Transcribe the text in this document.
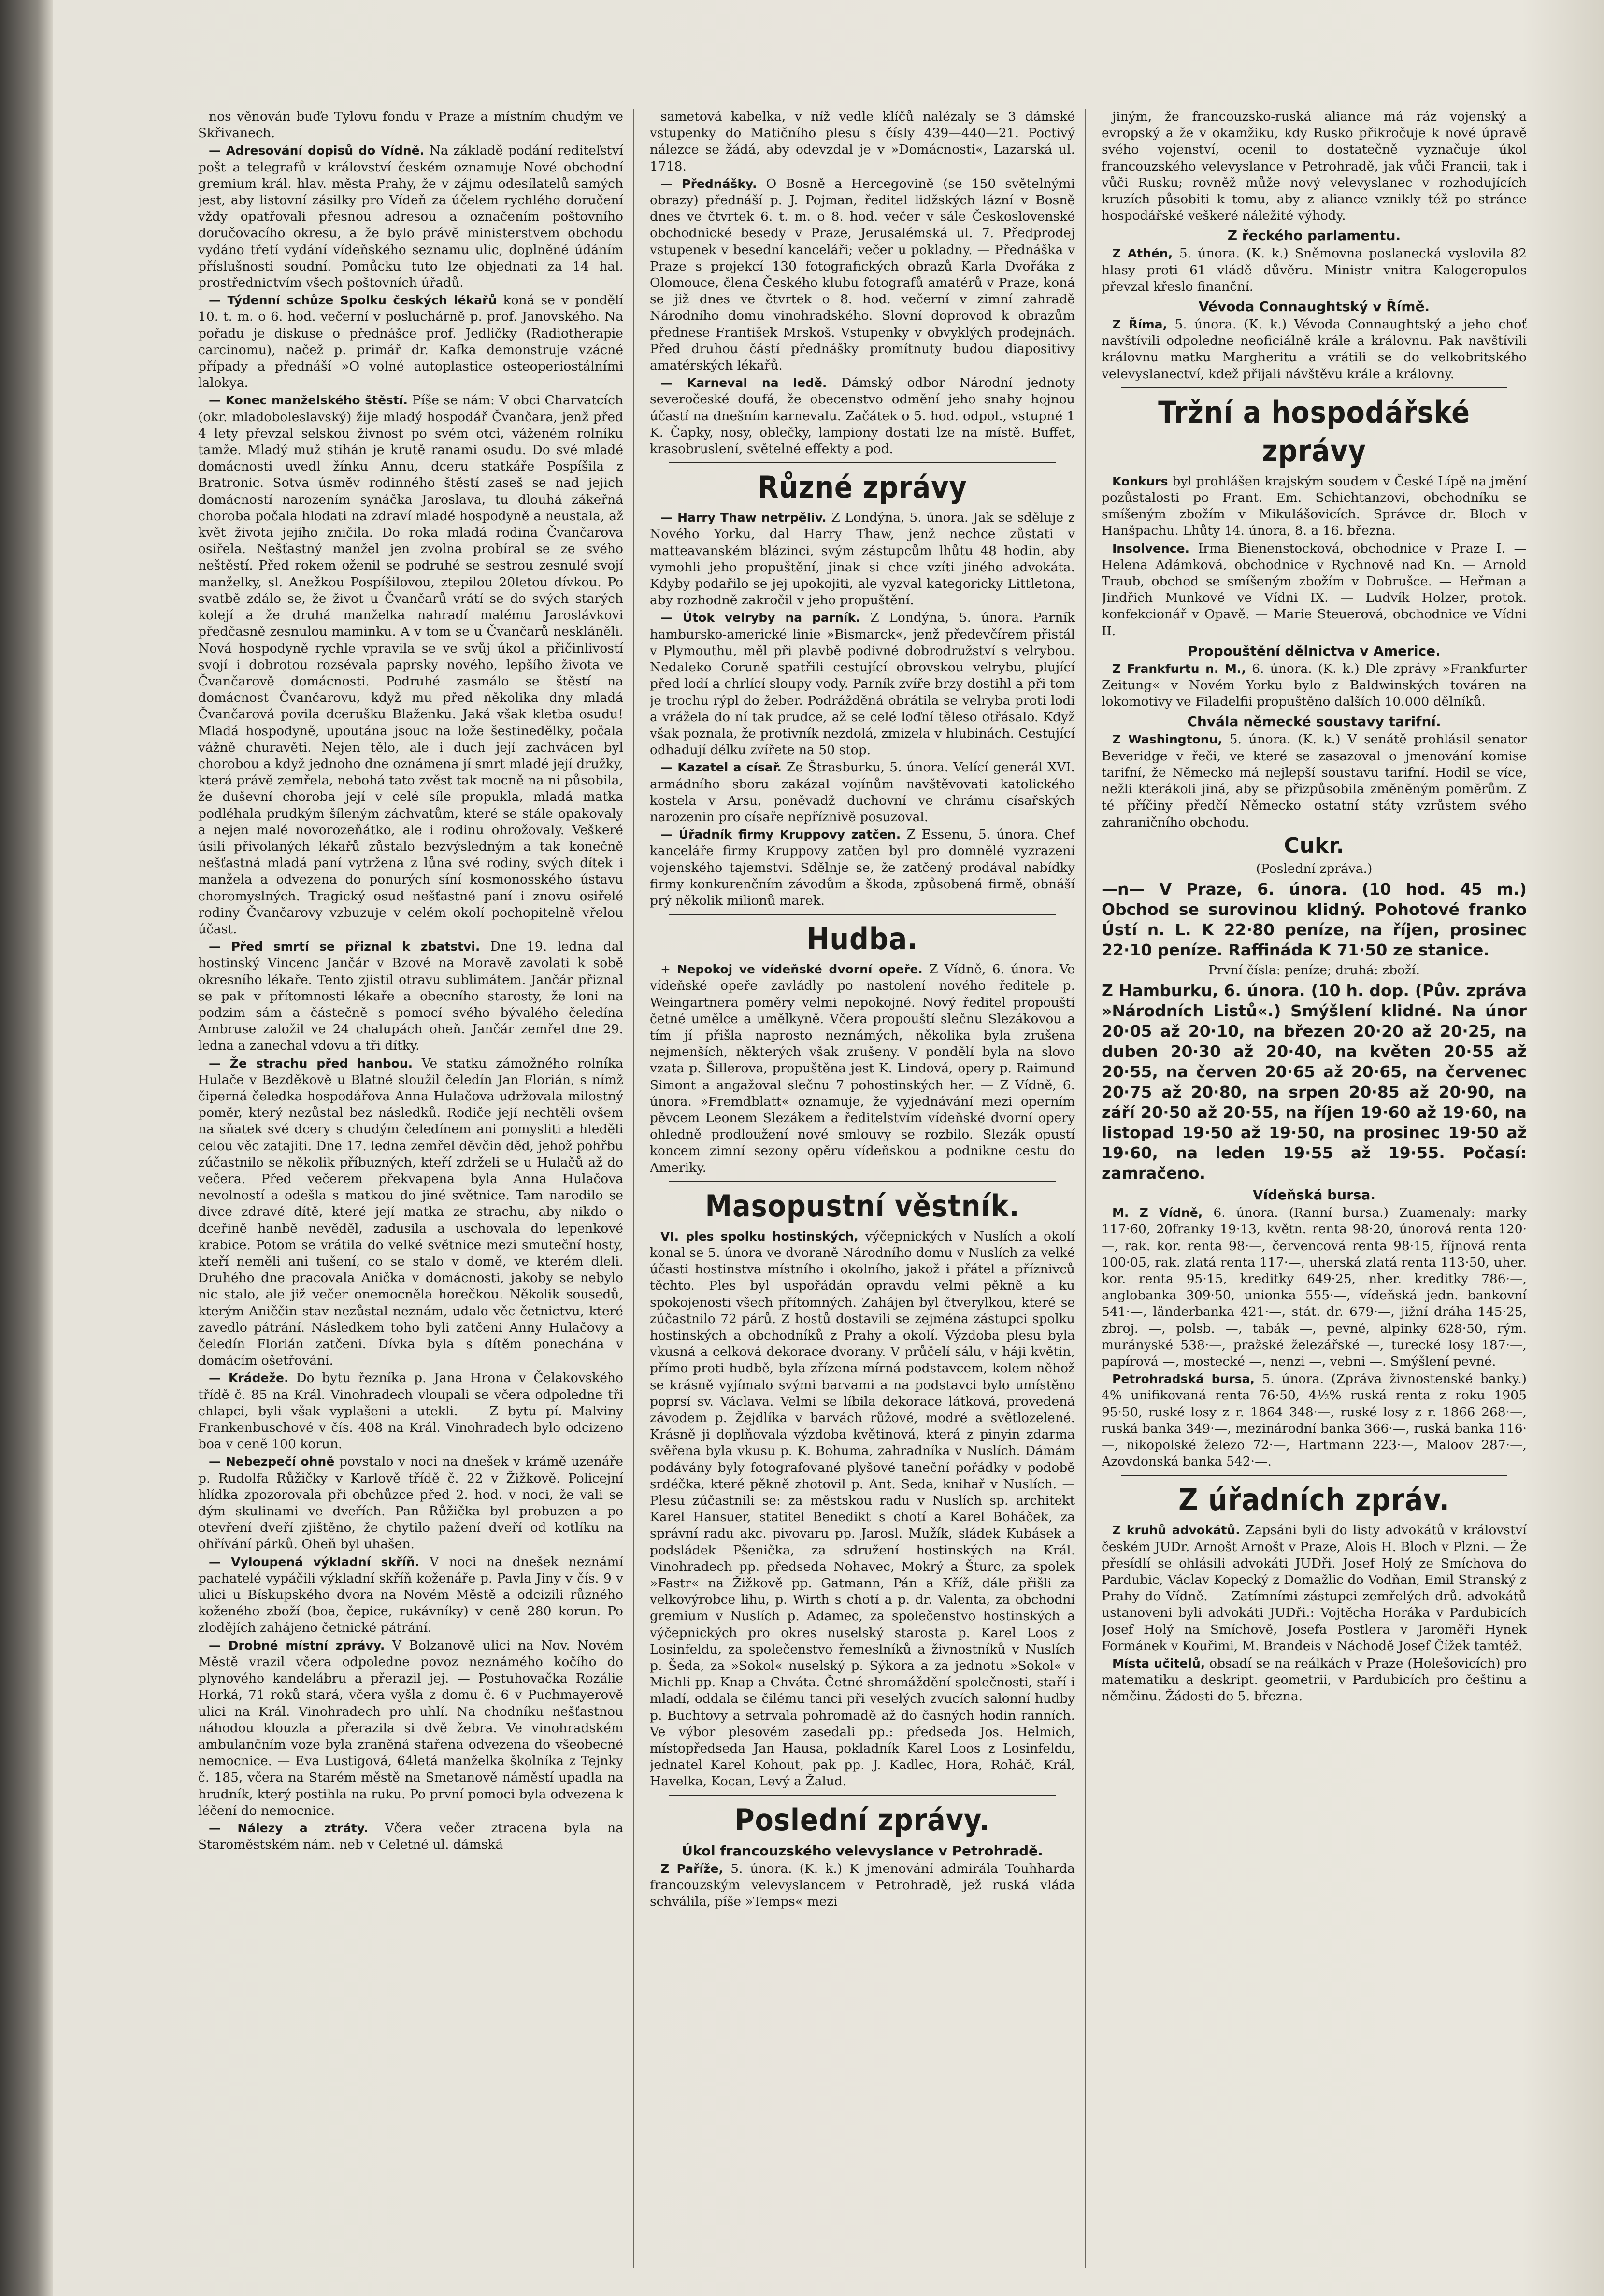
nos věnován buďe Tylovu fondu v Praze a místním chudým ve Skřivanech.

— Adresování dopisů do Vídně. Na základě podání rediteľství pošt a telegrafů v království českém oznamuje Nové obchodní gremium král. hlav. města Prahy, že v zájmu odesílatelů samých jest, aby listovní zásilky pro Vídeň za účelem rychlého doručení vždy opatřovali přesnou adresou a označením poštovního doručovacího okresu, a že bylo právě ministerstvem obchodu vydáno třetí vydání vídeňského seznamu ulic, doplněné údáním příslušnosti soudní. Pomůcku tuto lze objednati za 14 hal. prostřednictvím všech poštovních úřadů.

— Týdenní schůze Spolku českých lékařů koná se v pondělí 10. t. m. o 6. hod. večerní v posluchárně p. prof. Janovského. Na pořadu je diskuse o přednášce prof. Jedličky (Radiotherapie carcinomu), načež p. primář dr. Kafka demonstruje vzácné případy a přednáší »O volné autoplastice osteoperiostálními lalokya.

— Konec manželského štěstí. Píše se nám: V obci Charvatcích (okr. mladoboleslavský) žije mladý hospodář Čvančara, jenž před 4 lety převzal selskou živnost po svém otci, váženém rolníku tamže. Mladý muž stihán je krutě ranami osudu. Do své mladé domácnosti uvedl žínku Annu, dceru statkáře Pospíšila z Bratronic. Sotva úsměv rodinného štěstí zaseš se nad jejich domácností narozením synáčka Jaroslava, tu dlouhá zákeřná choroba počala hlodati na zdraví mladé hospodyně a neustala, až květ života jejího zničila. Do roka mladá rodina Čvančarova osiřela. Nešťastný manžel jen zvolna probíral se ze svého neštěstí. Před rokem oženil se podruhé se sestrou zesnulé svojí manželky, sl. Anežkou Pospíšilovou, ztepilou 20letou dívkou. Po svatbě zdálo se, že život u Čvančarů vrátí se do svých starých kolejí a že druhá manželka nahradí malému Jaroslávkovi předčasně zesnulou maminku. A v tom se u Čvančarů neskláněli. Nová hospodyně rychle vpravila se ve svůj úkol a přičinlivostí svojí i dobrotou rozsévala paprsky nového, lepšího života ve Čvančarově domácnosti. Podruhé zasmálo se štěstí na domácnost Čvančarovu, když mu před několika dny mladá Čvančarová povila dcerušku Blaženku. Jaká však kletba osudu! Mladá hospodyně, upoutána jsouc na lože šestinedělky, počala vážně churavěti. Nejen tělo, ale i duch její zachvácen byl chorobou a když jednoho dne oznámena jí smrt mladé její družky, která právě zemřela, nebohá tato zvěst tak mocně na ni působila, že duševní choroba její v celé síle propukla, mladá matka podléhala prudkým šíleným záchvatům, které se stále opakovaly a nejen malé novorozeňátko, ale i rodinu ohrožovaly. Veškeré úsilí přivolaných lékařů zůstalo bezvýsledným a tak konečně nešťastná mladá paní vytržena z lůna své rodiny, svých dítek i manžela a odvezena do ponurých síní kosmonosského ústavu choromyslných. Tragický osud nešťastné paní i znovu osiřelé rodiny Čvančarovy vzbuzuje v celém okolí pochopitelně vřelou účast.

— Před smrtí se přiznal k zbatstvi. Dne 19. ledna dal hostinský Vincenc Jančár v Bzové na Moravě zavolati k sobě okresního lékaře. Tento zjistil otravu sublimátem. Jančár přiznal se pak v přítomnosti lékaře a obecního starosty, že loni na podzim sám a částečně s pomocí svého bývalého čeledína Ambruse založil ve 24 chalupách oheň. Jančár zemřel dne 29. ledna a zanechal vdovu a tři dítky.

— Že strachu před hanbou. Ve statku zámožného rolníka Hulače v Bezděkově u Blatné sloužil čeledín Jan Florián, s nímž čiperná čeledka hospodářova Anna Hulačova udržovala milostný poměr, který nezůstal bez následků. Rodiče její nechtěli ovšem na sňatek své dcery s chudým čeledínem ani pomysliti a hleděli celou věc zatajiti. Dne 17. ledna zemřel děvčin děd, jehož pohřbu zúčastnilo se několik příbuzných, kteří zdrželi se u Hulačů až do večera. Před večerem překvapena byla Anna Hulačova nevolností a odešla s matkou do jiné světnice. Tam narodilo se divce zdravé dítě, které její matka ze strachu, aby nikdo o dceřině hanbě nevěděl, zadusila a uschovala do lepenkové krabice. Potom se vrátila do velké světnice mezi smuteční hosty, kteří neměli ani tušení, co se stalo v domě, ve kterém dleli. Druhého dne pracovala Anička v domácnosti, jakoby se nebylo nic stalo, ale již večer onemocněla horečkou. Několik sousedů, kterým Aniččin stav nezůstal neznám, udalo věc četnictvu, které zavedlo pátrání. Následkem toho byli zatčeni Anny Hulačovy a čeledín Florián zatčeni. Dívka byla s dítěm ponechána v domácím ošetřování.

— Krádeže. Do bytu řezníka p. Jana Hrona v Čelakovského třídě č. 85 na Král. Vinohradech vloupali se včera odpoledne tři chlapci, byli však vyplašeni a utekli. — Z bytu pí. Malviny Frankenbuschové v čís. 408 na Král. Vinohradech bylo odcizeno boa v ceně 100 korun.

— Nebezpečí ohně povstalo v noci na dnešek v krámě uzenáře p. Rudolfa Růžičky v Karlově třídě č. 22 v Žižkově. Policejní hlídka zpozorovala při obchůzce před 2. hod. v noci, že vali se dým skulinami ve dveřích. Pan Růžička byl probuzen a po otevření dveří zjištěno, že chytilo pažení dveří od kotlíku na ohřívání párků. Oheň byl uhašen.

— Vyloupená výkladní skříň. V noci na dnešek neznámí pachatelé vypáčili výkladní skříň koženáře p. Pavla Jiny v čís. 9 v ulici u Bískupského dvora na Novém Městě a odcizili různého koženého zboží (boa, čepice, rukávníky) v ceně 280 korun. Po zlodějích zahájeno četnické pátrání.

— Drobné místní zprávy. V Bolzanově ulici na Nov. Novém Městě vrazil včera odpoledne povoz neznámého kočího do plynového kandelábru a přerazil jej. — Postuhovačka Rozálie Horká, 71 roků stará, včera vyšla z domu č. 6 v Puchmayerově ulici na Král. Vinohradech pro uhlí. Na chodníku nešťastnou náhodou klouzla a přerazila si dvě žebra. Ve vinohradském ambulančním voze byla zraněná stařena odvezena do všeobecné nemocnice. — Eva Lustigová, 64letá manželka školníka z Tejnky č. 185, včera na Starém městě na Smetanově náměstí upadla na hrudník, který postihla na ruku. Po první pomoci byla odvezena k léčení do nemocnice.

— Nálezy a ztráty. Včera večer ztracena byla na Staroměstském nám. neb v Celetné ul. dámská

sametová kabelka, v níž vedle klíčů nalézaly se 3 dámské vstupenky do Matičního plesu s čísly 439—440—21. Poctivý nálezce se žádá, aby odevzdal je v »Domácnosti«, Lazarská ul. 1718.

— Přednášky. O Bosně a Hercegovině (se 150 světelnými obrazy) přednáší p. J. Pojman, ředitel lidžských lázní v Bosně dnes ve čtvrtek 6. t. m. o 8. hod. večer v sále Československé obchodnické besedy v Praze, Jerusalémská ul. 7. Předprodej vstupenek v besední kanceláři; večer u pokladny. — Přednáška v Praze s projekcí 130 fotografických obrazů Karla Dvořáka z Olomouce, člena Českého klubu fotografů amatérů v Praze, koná se již dnes ve čtvrtek o 8. hod. večerní v zimní zahradě Národního domu vinohradského. Slovní doprovod k obrazům přednese František Mrskoš. Vstupenky v obvyklých prodejnách. Před druhou částí přednášky promítnuty budou diapositivy amatérských lékařů.

— Karneval na ledě. Dámský odbor Národní jednoty severočeské doufá, že obecenstvo odmění jeho snahy hojnou účastí na dnešním karnevalu. Začátek o 5. hod. odpol., vstupné 1 K. Čapky, nosy, oblečky, lampiony dostati lze na místě. Buffet, krasobruslení, světelné effekty a pod.

Různé zprávy

— Harry Thaw netrpěliv. Z Londýna, 5. února. Jak se sděluje z Nového Yorku, dal Harry Thaw, jenž nechce zůstati v matteavanském blázinci, svým zástupcům lhůtu 48 hodin, aby vymohli jeho propuštění, jinak si chce vzíti jiného advokáta. Kdyby podařilo se jej upokojiti, ale vyzval kategoricky Littletona, aby rozhodně zakročil v jeho propuštění.

— Útok velryby na parník. Z Londýna, 5. února. Parník hambursko-americké linie »Bismarck«, jenž předevčírem přistál v Plymouthu, měl při plavbě podivné dobrodružství s velrybou. Nedaleko Coruně spatřili cestující obrovskou velrybu, plující před lodí a chrlící sloupy vody. Parník zvíře brzy dostihl a při tom je trochu rýpl do žeber. Podrážděná obrátila se velryba proti lodi a vrážela do ní tak prudce, až se celé loďní těleso otřásalo. Když však poznala, že protivník nezdolá, zmizela v hlubinách. Cestující odhadují délku zvířete na 50 stop.

— Kazatel a císař. Ze Štrasburku, 5. února. Velící generál XVI. armádního sboru zakázal vojínům navštěvovati katolického kostela v Arsu, poněvadž duchovní ve chrámu císařských narozenin pro císaře nepříznivě posuzoval.

— Úřadník firmy Kruppovy zatčen. Z Essenu, 5. února. Chef kanceláře firmy Kruppovy zatčen byl pro domnělé vyzrazení vojenského tajemství. Sdělnje se, že zatčený prodával nabídky firmy konkurenčním závodům a škoda, způsobená firmě, obnáší prý několik milionů marek.

Hudba.

+ Nepokoj ve vídeňské dvorní opeře. Z Vídně, 6. února. Ve vídeňské opeře zavládly po nastolení nového ředitele p. Weingartnera poměry velmi nepokojné. Nový ředitel propouští četné umělce a umělkyně. Včera propouští slečnu Slezákovou a tím jí přišla naprosto neznámých, několika byla zrušena nejmenších, některých však zrušeny. V pondělí byla na slovo vzata p. Šillerova, propuštěna jest K. Lindová, opery p. Raimund Simont a angažoval slečnu 7 pohostinských her. — Z Vídně, 6. února. »Fremdblatt« oznamuje, že vyjednávání mezi operním pěvcem Leonem Slezákem a ředitelstvím vídeňské dvorní opery ohledně prodloužení nové smlouvy se rozbilo. Slezák opustí koncem zimní sezony opěru vídeňskou a podnikne cestu do Ameriky.

Masopustní věstník.

VI. ples spolku hostinských, výčepnických v Nuslích a okolí konal se 5. února ve dvoraně Národního domu v Nuslích za velké účasti hostinstva místního i okolního, jakož i přátel a příznivců těchto. Ples byl uspořádán opravdu velmi pěkně a ku spokojenosti všech přítomných. Zahájen byl čtverylkou, které se zúčastnilo 72 párů. Z hostů dostavili se zejména zástupci spolku hostinských a obchodníků z Prahy a okolí. Výzdoba plesu byla vkusná a celková dekorace dvorany. V průčelí sálu, v háji květin, přímo proti hudbě, byla zřízena mírná podstavcem, kolem něhož se krásně vyjímalo svými barvami a na podstavci bylo umístěno poprsí sv. Václava. Velmi se líbila dekorace látková, provedená závodem p. Žejdlíka v barvách růžové, modré a světlozelené. Krásně ji doplňovala výzdoba květinová, která z pinyin zdarma svěřena byla vkusu p. K. Bohuma, zahradníka v Nuslích. Dámám podávány byly fotografované plyšové taneční pořádky v podobě srdéčka, které pěkně zhotovil p. Ant. Seda, knihař v Nuslích. — Plesu zúčastnili se: za městskou radu v Nuslích sp. architekt Karel Hansuer, statitel Benedikt s chotí a Karel Boháček, za správní radu akc. pivovaru pp. Jarosl. Mužík, sládek Kubásek a podsládek Pšenička, za sdružení hostinských na Král. Vinohradech pp. předseda Nohavec, Mokrý a Šturc, za spolek »Fastr« na Žižkově pp. Gatmann, Pán a Kříž, dále přišli za velkovýrobce lihu, p. Wirth s chotí a p. dr. Valenta, za obchodní gremium v Nuslích p. Adamec, za společenstvo hostinských a výčepnických pro okres nuselský starosta p. Karel Loos z Losinfeldu, za společenstvo řemeslníků a živnostníků v Nuslích p. Šeda, za »Sokol« nuselský p. Sýkora a za jednotu »Sokol« v Michli pp. Knap a Chváta. Četné shromáždění společnosti, staří i mladí, oddala se čilému tanci při veselých zvucích salonní hudby p. Buchtovy a setrvala pohromadě až do časných hodin ranních. Ve výbor plesovém zasedali pp.: předseda Jos. Helmich, místopředseda Jan Hausa, pokladník Karel Loos z Losinfeldu, jednatel Karel Kohout, pak pp. J. Kadlec, Hora, Roháč, Král, Havelka, Kocan, Levý a Žalud.

Poslední zprávy.
Úkol francouzského velevyslance v Petrohradě.

Z Paříže, 5. února. (K. k.) K jmenování admirála Touhharda francouzským velevyslancem v Petrohradě, jež ruská vláda schválila, píše »Temps« mezi

jiným, že francouzsko-ruská aliance má ráz vojenský a evropský a že v okamžiku, kdy Rusko přikročuje k nové úpravě svého vojenství, ocenil to dostatečně vyznačuje úkol francouzského velevyslance v Petrohradě, jak vůči Francii, tak i vůči Rusku; rovněž může nový velevyslanec v rozhodujících kruzích působiti k tomu, aby z aliance vznikly též po stránce hospodářské veškeré náležité výhody.

Z řeckého parlamentu.

Z Athén, 5. února. (K. k.) Sněmovna poslanecká vyslovila 82 hlasy proti 61 vládě důvěru. Ministr vnitra Kalogeropulos převzal křeslo finanční.

Vévoda Connaughtský v Římě.

Z Říma, 5. února. (K. k.) Vévoda Connaughtský a jeho choť navštívili odpoledne neoficiálně krále a královnu. Pak navštívili královnu matku Margheritu a vrátili se do velkobritského velevyslanectví, kdež přijali návštěvu krále a královny.

Tržní a hospodářské zprávy

Konkurs byl prohlášen krajským soudem v České Lípě na jmění pozůstalosti po Frant. Em. Schichtanzovi, obchodníku se smíšeným zbožím v Mikulášovicích. Správce dr. Bloch v Hanšpachu. Lhůty 14. února, 8. a 16. března.

Insolvence. Irma Bienenstocková, obchodnice v Praze I. — Helena Adámková, obchodnice v Rychnově nad Kn. — Arnold Traub, obchod se smíšeným zbožím v Dobrušce. — Heřman a Jindřich Munkové ve Vídni IX. — Ludvík Holzer, protok. konfekcionář v Opavě. — Marie Steuerová, obchodnice ve Vídni II.

Propouštění dělnictva v Americe.

Z Frankfurtu n. M., 6. února. (K. k.) Dle zprávy »Frankfurter Zeitung« v Novém Yorku bylo z Baldwinských továren na lokomotivy ve Filadelfii propuštěno dalších 10.000 dělníků.

Chvála německé soustavy tarifní.

Z Washingtonu, 5. února. (K. k.) V senátě prohlásil senator Beveridge v řeči, ve které se zasazoval o jmenování komise tarifní, že Německo má nejlepší soustavu tarifní. Hodil se více, nežli kterákoli jiná, aby se přizpůsobila změněným poměrům. Z té příčiny předčí Německo ostatní státy vzrůstem svého zahraničního obchodu.

Cukr.
(Poslední zpráva.)
—n— V Praze, 6. února. (10 hod. 45 m.) Obchod se surovinou klidný. Pohotové franko Ústí n. L. K 22·80 peníze, na říjen, prosinec 22·10 peníze. Raffináda K 71·50 ze stanice.
První čísla: peníze; druhá: zboží.
Z Hamburku, 6. února. (10 h. dop. (Pův. zpráva »Národních Listů«.) Smýšlení klidné. Na únor 20·05 až 20·10, na březen 20·20 až 20·25, na duben 20·30 až 20·40, na květen 20·55 až 20·55, na červen 20·65 až 20·65, na červenec 20·75 až 20·80, na srpen 20·85 až 20·90, na září 20·50 až 20·55, na říjen 19·60 až 19·60, na listopad 19·50 až 19·50, na prosinec 19·50 až 19·60, na leden 19·55 až 19·55. Počasí: zamračeno.
Vídeňská bursa.

M. Z Vídně, 6. února. (Ranní bursa.) Zuamenaly: marky 117·60, 20franky 19·13, květn. renta 98·20, únorová renta 120·—, rak. kor. renta 98·—, červencová renta 98·15, říjnová renta 100·05, rak. zlatá renta 117·—, uherská zlatá renta 113·50, uher. kor. renta 95·15, kreditky 649·25, nher. kreditky 786·—, anglobanka 309·50, unionka 555·—, vídeňská jedn. bankovní 541·—, länderbanka 421·—, stát. dr. 679·—, jižní dráha 145·25, zbroj. —, polsb. —, tabák —, pevné, alpinky 628·50, rým. murányské 538·—, pražské železářské —, turecké losy 187·—, papírová —, mostecké —, nenzi —, vebni —. Smýšlení pevné.

Petrohradská bursa, 5. února. (Zpráva živnostenské banky.) 4% unifikovaná renta 76·50, 4½% ruská renta z roku 1905 95·50, ruské losy z r. 1864 348·—, ruské losy z r. 1866 268·—, ruská banka 349·—, mezinárodní banka 366·—, ruská banka 116·—, nikopolské železo 72·—, Hartmann 223·—, Maloov 287·—, Azovdonská banka 542·—.

Z úřadních zpráv.

Z kruhů advokátů. Zapsáni byli do listy advokátů v království českém JUDr. Arnošt Arnošt v Praze, Alois H. Bloch v Plzni. — Že přesídlí se ohlásili advokáti JUDři. Josef Holý ze Smíchova do Pardubic, Václav Kopecký z Domažlic do Vodňan, Emil Stranský z Prahy do Vídně. — Zatímními zástupci zemřelých drů. advokátů ustanoveni byli advokáti JUDři.: Vojtěcha Horáka v Pardubicích Josef Holý na Smíchově, Josefa Postlera v Jaroměři Hynek Formánek v Kouřimi, M. Brandeis v Náchodě Josef Čížek tamtéž.

Místa učitelů, obsadí se na reálkách v Praze (Holešovicích) pro matematiku a deskript. geometrii, v Pardubicích pro češtinu a němčinu. Žádosti do 5. března.
